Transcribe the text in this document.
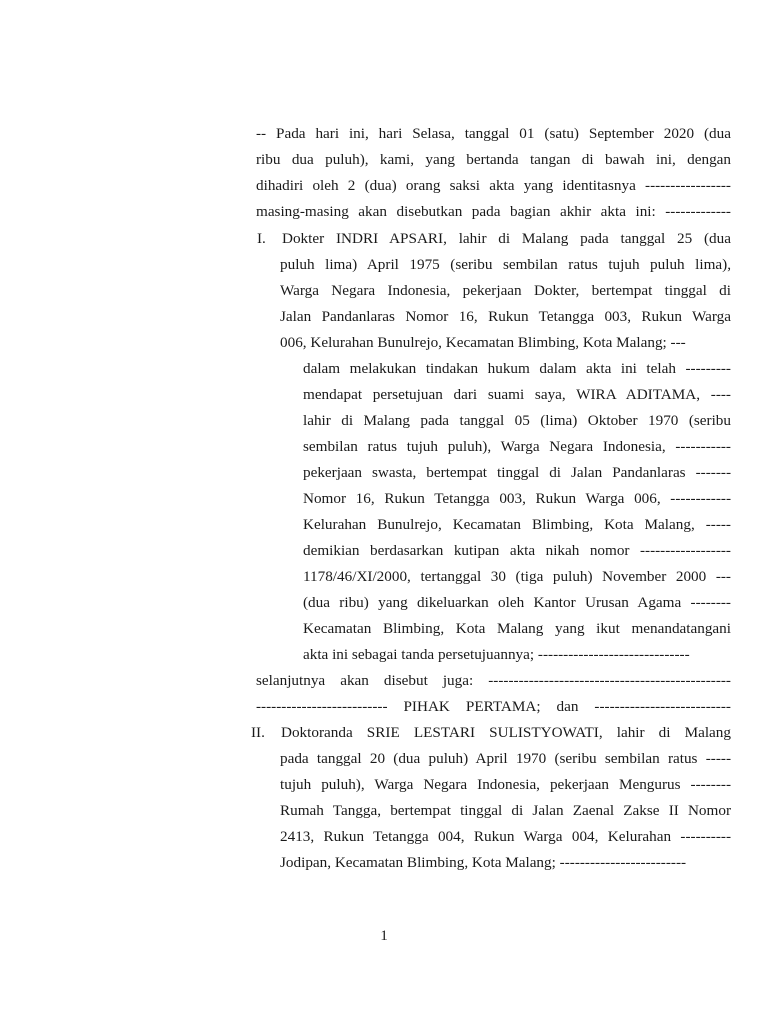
-- Pada hari ini, hari Selasa, tanggal 01 (satu) September 2020 (dua
ribu dua puluh), kami, yang bertanda tangan di bawah ini, dengan
dihadiri oleh 2 (dua) orang saksi akta yang identitasnya -----------------
masing-masing akan disebutkan pada bagian akhir akta ini: -------------
I. Dokter INDRI APSARI, lahir di Malang pada tanggal 25 (dua
puluh lima) April 1975 (seribu sembilan ratus tujuh puluh lima),
Warga Negara Indonesia, pekerjaan Dokter, bertempat tinggal di
Jalan Pandanlaras Nomor 16, Rukun Tetangga 003, Rukun Warga
006, Kelurahan Bunulrejo, Kecamatan Blimbing, Kota Malang; ---
dalam melakukan tindakan hukum dalam akta ini telah ---------
mendapat persetujuan dari suami saya, WIRA ADITAMA, ----
lahir di Malang pada tanggal 05 (lima) Oktober 1970 (seribu
sembilan ratus tujuh puluh), Warga Negara Indonesia, -----------
pekerjaan swasta, bertempat tinggal di Jalan Pandanlaras -------
Nomor 16, Rukun Tetangga 003, Rukun Warga 006, ------------
Kelurahan Bunulrejo, Kecamatan Blimbing, Kota Malang, -----
demikian berdasarkan kutipan akta nikah nomor ------------------
1178/46/XI/2000, tertanggal 30 (tiga puluh) November 2000 ---
(dua ribu) yang dikeluarkan oleh Kantor Urusan Agama --------
Kecamatan Blimbing, Kota Malang yang ikut menandatangani
akta ini sebagai tanda persetujuannya; ------------------------------
selanjutnya akan disebut juga: ------------------------------------------------
-------------------------- PIHAK PERTAMA; dan ---------------------------
II. Doktoranda SRIE LESTARI SULISTYOWATI, lahir di Malang
pada tanggal 20 (dua puluh) April 1970 (seribu sembilan ratus -----
tujuh puluh), Warga Negara Indonesia, pekerjaan Mengurus --------
Rumah Tangga, bertempat tinggal di Jalan Zaenal Zakse II Nomor
2413, Rukun Tetangga 004, Rukun Warga 004, Kelurahan ----------
Jodipan, Kecamatan Blimbing, Kota Malang; -------------------------
1
